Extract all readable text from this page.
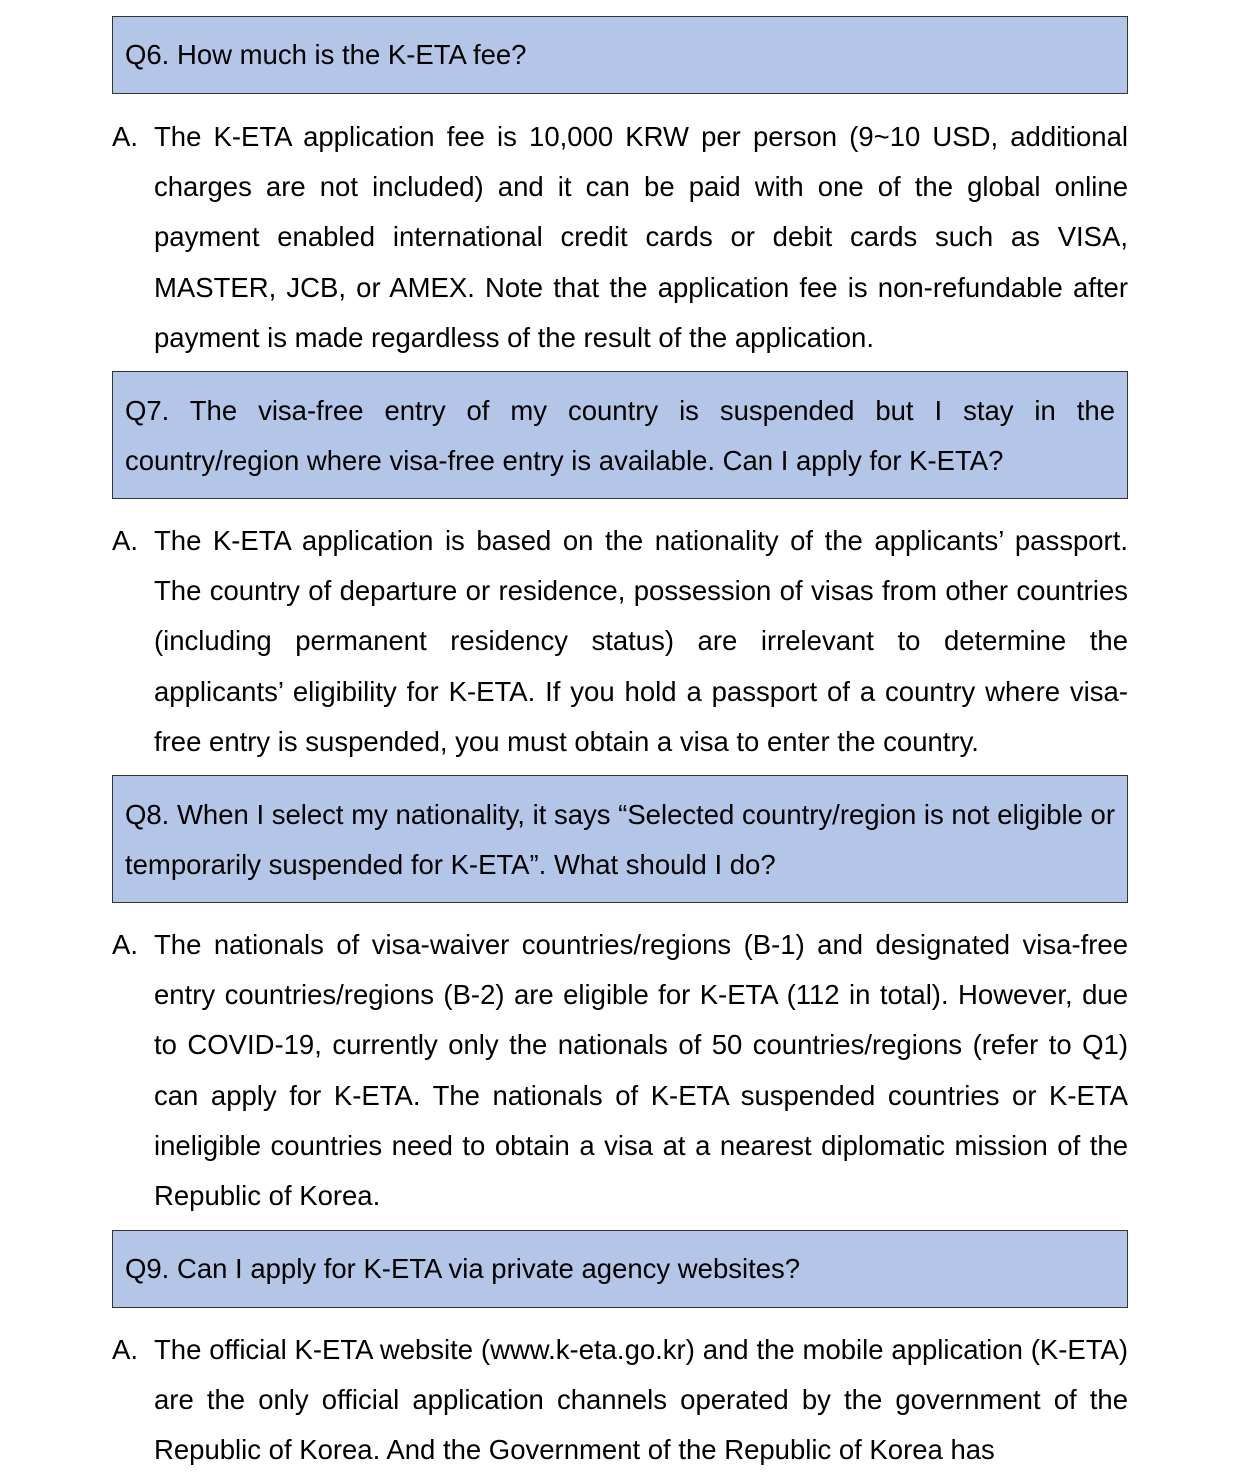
Q6. How much is the K-ETA fee?
A. The K-ETA application fee is 10,000 KRW per person (9~10 USD, additional charges are not included) and it can be paid with one of the global online payment enabled international credit cards or debit cards such as VISA, MASTER, JCB, or AMEX. Note that the application fee is non-refundable after payment is made regardless of the result of the application.
Q7. The visa-free entry of my country is suspended but I stay in the country/region where visa-free entry is available. Can I apply for K-ETA?
A. The K-ETA application is based on the nationality of the applicants’ passport. The country of departure or residence, possession of visas from other countries (including permanent residency status) are irrelevant to determine the applicants’ eligibility for K-ETA. If you hold a passport of a country where visa-free entry is suspended, you must obtain a visa to enter the country.
Q8. When I select my nationality, it says “Selected country/region is not eligible or temporarily suspended for K-ETA”. What should I do?
A. The nationals of visa-waiver countries/regions (B-1) and designated visa-free entry countries/regions (B-2) are eligible for K-ETA (112 in total). However, due to COVID-19, currently only the nationals of 50 countries/regions (refer to Q1) can apply for K-ETA. The nationals of K-ETA suspended countries or K-ETA ineligible countries need to obtain a visa at a nearest diplomatic mission of the Republic of Korea.
Q9. Can I apply for K-ETA via private agency websites?
A. The official K-ETA website (www.k-eta.go.kr) and the mobile application (K-ETA) are the only official application channels operated by the government of the Republic of Korea. And the Government of the Republic of Korea has
